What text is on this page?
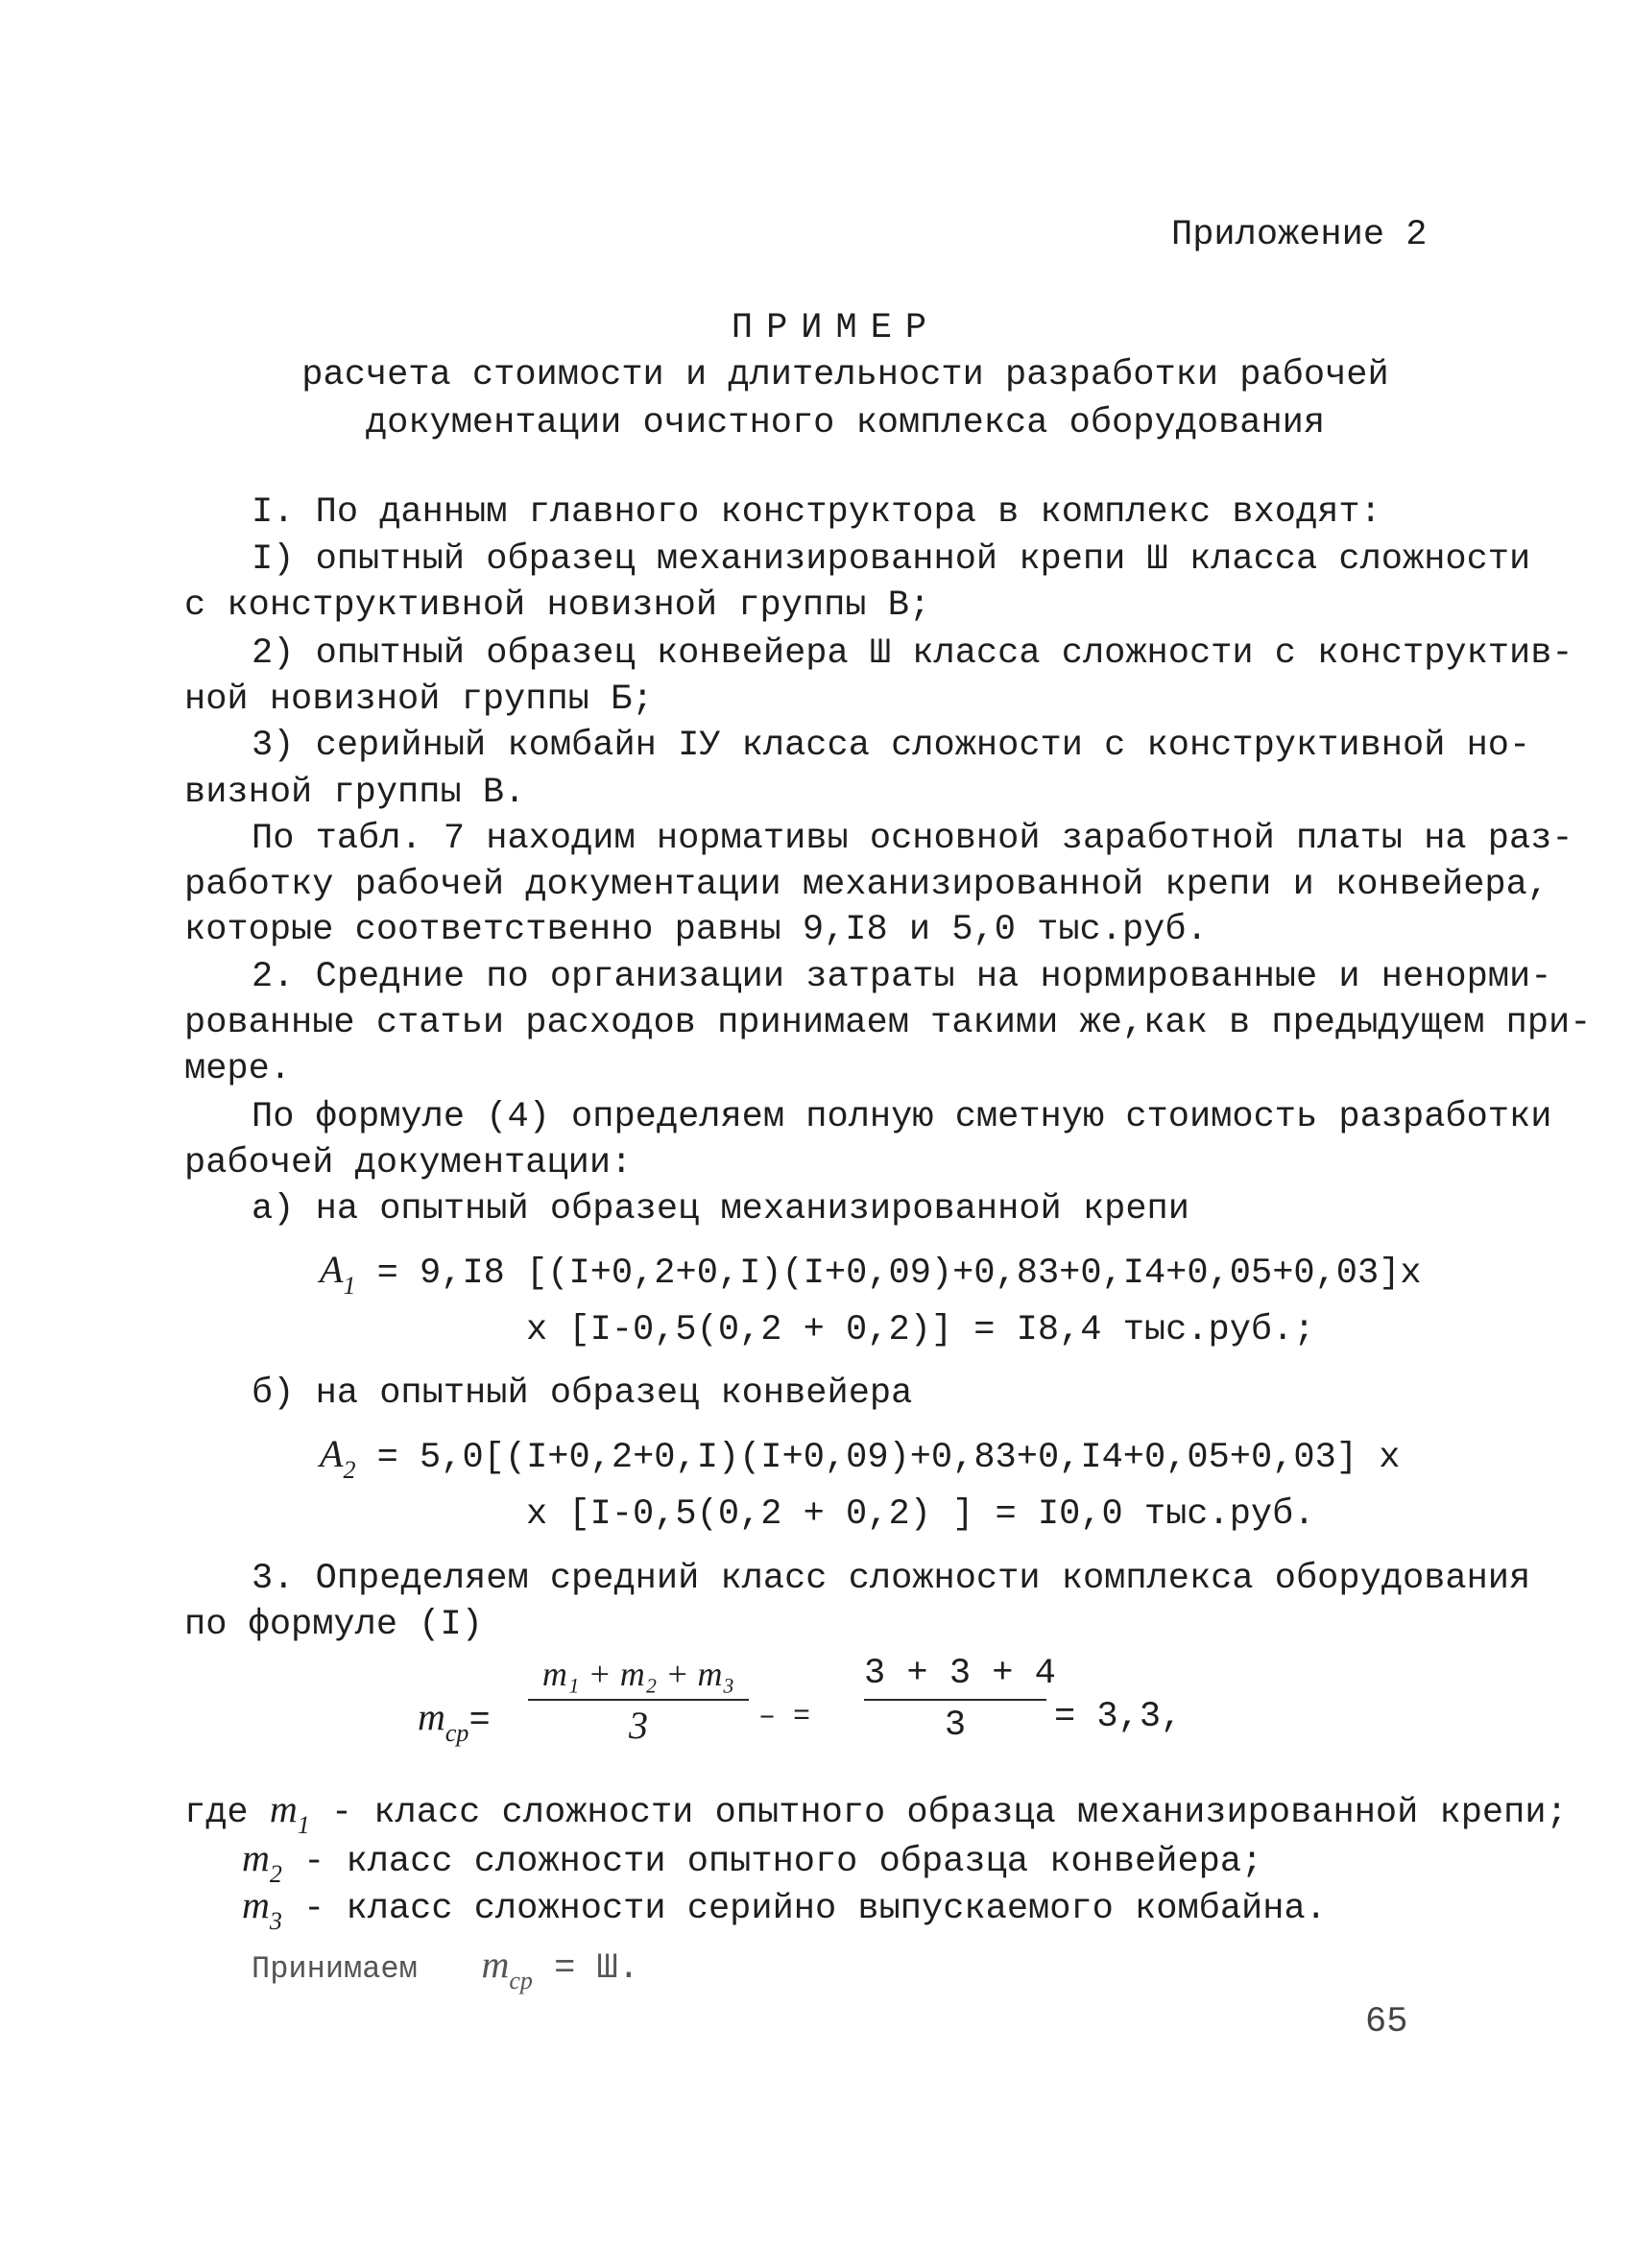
Приложение 2
ПРИМЕР
расчета стоимости и длительности разработки рабочей
документации очистного комплекса оборудования
I. По данным главного конструктора в комплекс входят:
I) опытный образец механизированной крепи Ш класса сложности
с конструктивной новизной группы В;
2) опытный образец конвейера Ш класса сложности с конструктив-
ной новизной группы Б;
3) серийный комбайн IУ класса сложности с конструктивной но-
визной группы В.
По табл. 7 находим нормативы основной заработной платы на раз-
работку рабочей документации механизированной крепи и конвейера,
которые соответственно равны 9,I8 и 5,0 тыс.руб.
2. Средние по организации затраты на нормированные и ненорми-
рованные статьи расходов принимаем такими же,как в предыдущем при-
мере.
По формуле (4) определяем полную сметную стоимость разработки
рабочей документации:
а) на опытный образец механизированной крепи
$A_1 = 9,I8$ [(I+0,2+0,I)(I+0,09)+0,83+0,I4+0,05+0,03]x
x [I-0,5(0,2 + 0,2)] = I8,4 тыс.руб.;
б) на опытный образец конвейера
$A_2 = 5,0[(I+0,2+0,I)(I+0,09)+0,83+0,I4+0,05+0,03]$ x
x [I-0,5(0,2 + 0,2) ] = I0,0 тыс.руб.
3. Определяем средний класс сложности комплекса оборудования
по формуле (I)
$m_{ср}=$
m₁ + m₂ + m₃
3	– =
3 + 3 + 4
3	= 3,3,
где $m_1$ - класс сложности опытного образца механизированной крепи;
$m_2$ - класс сложности опытного образца конвейера;
$m_3$ - класс сложности серийно выпускаемого комбайна.
Принимаем $m_{ср} = Ш$.
65
